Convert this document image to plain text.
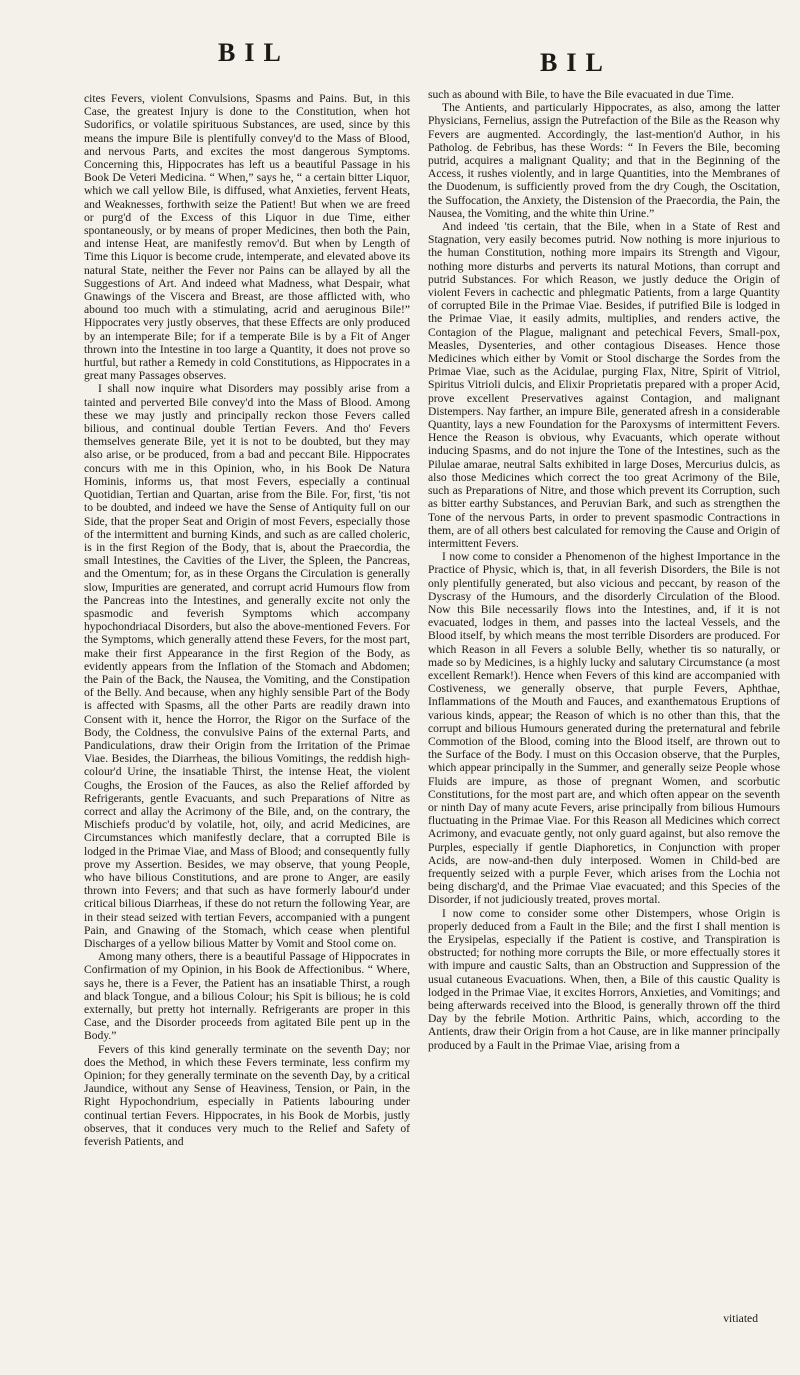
BIL	BIL

cites Fevers, violent Convulsions, Spasms and Pains. But, in this Case, the greatest Injury is done to the Constitution, when hot Sudorifics, or volatile spirituous Substances, are used, since by this means the impure Bile is plentifully convey'd to the Mass of Blood, and nervous Parts, and excites the most dangerous Symptoms. Concerning this, Hippocrates has left us a beautiful Passage in his Book De Veteri Medicina. “ When,” says he, “ a certain bitter Liquor, which we call yellow Bile, is diffused, what Anxieties, fervent Heats, and Weaknesses, forthwith seize the Patient! But when we are freed or purg'd of the Excess of this Liquor in due Time, either spontaneously, or by means of proper Medicines, then both the Pain, and intense Heat, are manifestly remov'd. But when by Length of Time this Liquor is become crude, intemperate, and elevated above its natural State, neither the Fever nor Pains can be allayed by all the Suggestions of Art. And indeed what Madness, what Despair, what Gnawings of the Viscera and Breast, are those afflicted with, who abound too much with a stimulating, acrid and aeruginous Bile!” Hippocrates very justly observes, that these Effects are only produced by an intemperate Bile; for if a temperate Bile is by a Fit of Anger thrown into the Intestine in too large a Quantity, it does not prove so hurtful, but rather a Remedy in cold Constitutions, as Hippocrates in a great many Passages observes.

I shall now inquire what Disorders may possibly arise from a tainted and perverted Bile convey'd into the Mass of Blood. Among these we may justly and principally reckon those Fevers called bilious, and continual double Tertian Fevers. And tho' Fevers themselves generate Bile, yet it is not to be doubted, but they may also arise, or be produced, from a bad and peccant Bile. Hippocrates concurs with me in this Opinion, who, in his Book De Natura Hominis, informs us, that most Fevers, especially a continual Quotidian, Tertian and Quartan, arise from the Bile. For, first, 'tis not to be doubted, and indeed we have the Sense of Antiquity full on our Side, that the proper Seat and Origin of most Fevers, especially those of the intermittent and burning Kinds, and such as are called choleric, is in the first Region of the Body, that is, about the Praecordia, the small Intestines, the Cavities of the Liver, the Spleen, the Pancreas, and the Omentum; for, as in these Organs the Circulation is generally slow, Impurities are generated, and corrupt acrid Humours flow from the Pancreas into the Intestines, and generally excite not only the spasmodic and feverish Symptoms which accompany hypochondriacal Disorders, but also the above-mentioned Fevers. For the Symptoms, which generally attend these Fevers, for the most part, make their first Appearance in the first Region of the Body, as evidently appears from the Inflation of the Stomach and Abdomen; the Pain of the Back, the Nausea, the Vomiting, and the Constipation of the Belly. And because, when any highly sensible Part of the Body is affected with Spasms, all the other Parts are readily drawn into Consent with it, hence the Horror, the Rigor on the Surface of the Body, the Coldness, the convulsive Pains of the external Parts, and Pandiculations, draw their Origin from the Irritation of the Primae Viae. Besides, the Diarrheas, the bilious Vomitings, the reddish high-colour'd Urine, the insatiable Thirst, the intense Heat, the violent Coughs, the Erosion of the Fauces, as also the Relief afforded by Refrigerants, gentle Evacuants, and such Preparations of Nitre as correct and allay the Acrimony of the Bile, and, on the contrary, the Mischiefs produc'd by volatile, hot, oily, and acrid Medicines, are Circumstances which manifestly declare, that a corrupted Bile is lodged in the Primae Viae, and Mass of Blood; and consequently fully prove my Assertion. Besides, we may observe, that young People, who have bilious Constitutions, and are prone to Anger, are easily thrown into Fevers; and that such as have formerly labour'd under critical bilious Diarrheas, if these do not return the following Year, are in their stead seized with tertian Fevers, accompanied with a pungent Pain, and Gnawing of the Stomach, which cease when plentiful Discharges of a yellow bilious Matter by Vomit and Stool come on.

Among many others, there is a beautiful Passage of Hippocrates in Confirmation of my Opinion, in his Book de Affectionibus. “ Where, says he, there is a Fever, the Patient has an insatiable Thirst, a rough and black Tongue, and a bilious Colour; his Spit is bilious; he is cold externally, but pretty hot internally. Refrigerants are proper in this Case, and the Disorder proceeds from agitated Bile pent up in the Body.”

Fevers of this kind generally terminate on the seventh Day; nor does the Method, in which these Fevers terminate, less confirm my Opinion; for they generally terminate on the seventh Day, by a critical Jaundice, without any Sense of Heaviness, Tension, or Pain, in the Right Hypochondrium, especially in Patients labouring under continual tertian Fevers. Hippocrates, in his Book de Morbis, justly observes, that it conduces very much to the Relief and Safety of feverish Patients, and

such as abound with Bile, to have the Bile evacuated in due Time.

The Antients, and particularly Hippocrates, as also, among the latter Physicians, Fernelius, assign the Putrefaction of the Bile as the Reason why Fevers are augmented. Accordingly, the last-mention'd Author, in his Patholog. de Febribus, has these Words: “ In Fevers the Bile, becoming putrid, acquires a malignant Quality; and that in the Beginning of the Access, it rushes violently, and in large Quantities, into the Membranes of the Duodenum, is sufficiently proved from the dry Cough, the Oscitation, the Suffocation, the Anxiety, the Distension of the Praecordia, the Pain, the Nausea, the Vomiting, and the white thin Urine.”

And indeed 'tis certain, that the Bile, when in a State of Rest and Stagnation, very easily becomes putrid. Now nothing is more injurious to the human Constitution, nothing more impairs its Strength and Vigour, nothing more disturbs and perverts its natural Motions, than corrupt and putrid Substances. For which Reason, we justly deduce the Origin of violent Fevers in cachectic and phlegmatic Patients, from a large Quantity of corrupted Bile in the Primae Viae. Besides, if putrified Bile is lodged in the Primae Viae, it easily admits, multiplies, and renders active, the Contagion of the Plague, malignant and petechical Fevers, Small-pox, Measles, Dysenteries, and other contagious Diseases. Hence those Medicines which either by Vomit or Stool discharge the Sordes from the Primae Viae, such as the Acidulae, purging Flax, Nitre, Spirit of Vitriol, Spiritus Vitrioli dulcis, and Elixir Proprietatis prepared with a proper Acid, prove excellent Preservatives against Contagion, and malignant Distempers. Nay farther, an impure Bile, generated afresh in a considerable Quantity, lays a new Foundation for the Paroxysms of intermittent Fevers. Hence the Reason is obvious, why Evacuants, which operate without inducing Spasms, and do not injure the Tone of the Intestines, such as the Pilulae amarae, neutral Salts exhibited in large Doses, Mercurius dulcis, as also those Medicines which correct the too great Acrimony of the Bile, such as Preparations of Nitre, and those which prevent its Corruption, such as bitter earthy Substances, and Peruvian Bark, and such as strengthen the Tone of the nervous Parts, in order to prevent spasmodic Contractions in them, are of all others best calculated for removing the Cause and Origin of intermittent Fevers.

I now come to consider a Phenomenon of the highest Importance in the Practice of Physic, which is, that, in all feverish Disorders, the Bile is not only plentifully generated, but also vicious and peccant, by reason of the Dyscrasy of the Humours, and the disorderly Circulation of the Blood. Now this Bile necessarily flows into the Intestines, and, if it is not evacuated, lodges in them, and passes into the lacteal Vessels, and the Blood itself, by which means the most terrible Disorders are produced. For which Reason in all Fevers a soluble Belly, whether tis so naturally, or made so by Medicines, is a highly lucky and salutary Circumstance (a most excellent Remark!). Hence when Fevers of this kind are accompanied with Costiveness, we generally observe, that purple Fevers, Aphthae, Inflammations of the Mouth and Fauces, and exanthematous Eruptions of various kinds, appear; the Reason of which is no other than this, that the corrupt and bilious Humours generated during the preternatural and febrile Commotion of the Blood, coming into the Blood itself, are thrown out to the Surface of the Body. I must on this Occasion observe, that the Purples, which appear principally in the Summer, and generally seize People whose Fluids are impure, as those of pregnant Women, and scorbutic Constitutions, for the most part are, and which often appear on the seventh or ninth Day of many acute Fevers, arise principally from bilious Humours fluctuating in the Primae Viae. For this Reason all Medicines which correct Acrimony, and evacuate gently, not only guard against, but also remove the Purples, especially if gentle Diaphoretics, in Conjunction with proper Acids, are now-and-then duly interposed. Women in Child-bed are frequently seized with a purple Fever, which arises from the Lochia not being discharg'd, and the Primae Viae evacuated; and this Species of the Disorder, if not judiciously treated, proves mortal.

I now come to consider some other Distempers, whose Origin is properly deduced from a Fault in the Bile; and the first I shall mention is the Erysipelas, especially if the Patient is costive, and Transpiration is obstructed; for nothing more corrupts the Bile, or more effectually stores it with impure and caustic Salts, than an Obstruction and Suppression of the usual cutaneous Evacuations. When, then, a Bile of this caustic Quality is lodged in the Primae Viae, it excites Horrors, Anxieties, and Vomitings; and being afterwards received into the Blood, is generally thrown off the third Day by the febrile Motion. Arthritic Pains, which, according to the Antients, draw their Origin from a hot Cause, are in like manner principally produced by a Fault in the Primae Viae, arising from a

vitiated
